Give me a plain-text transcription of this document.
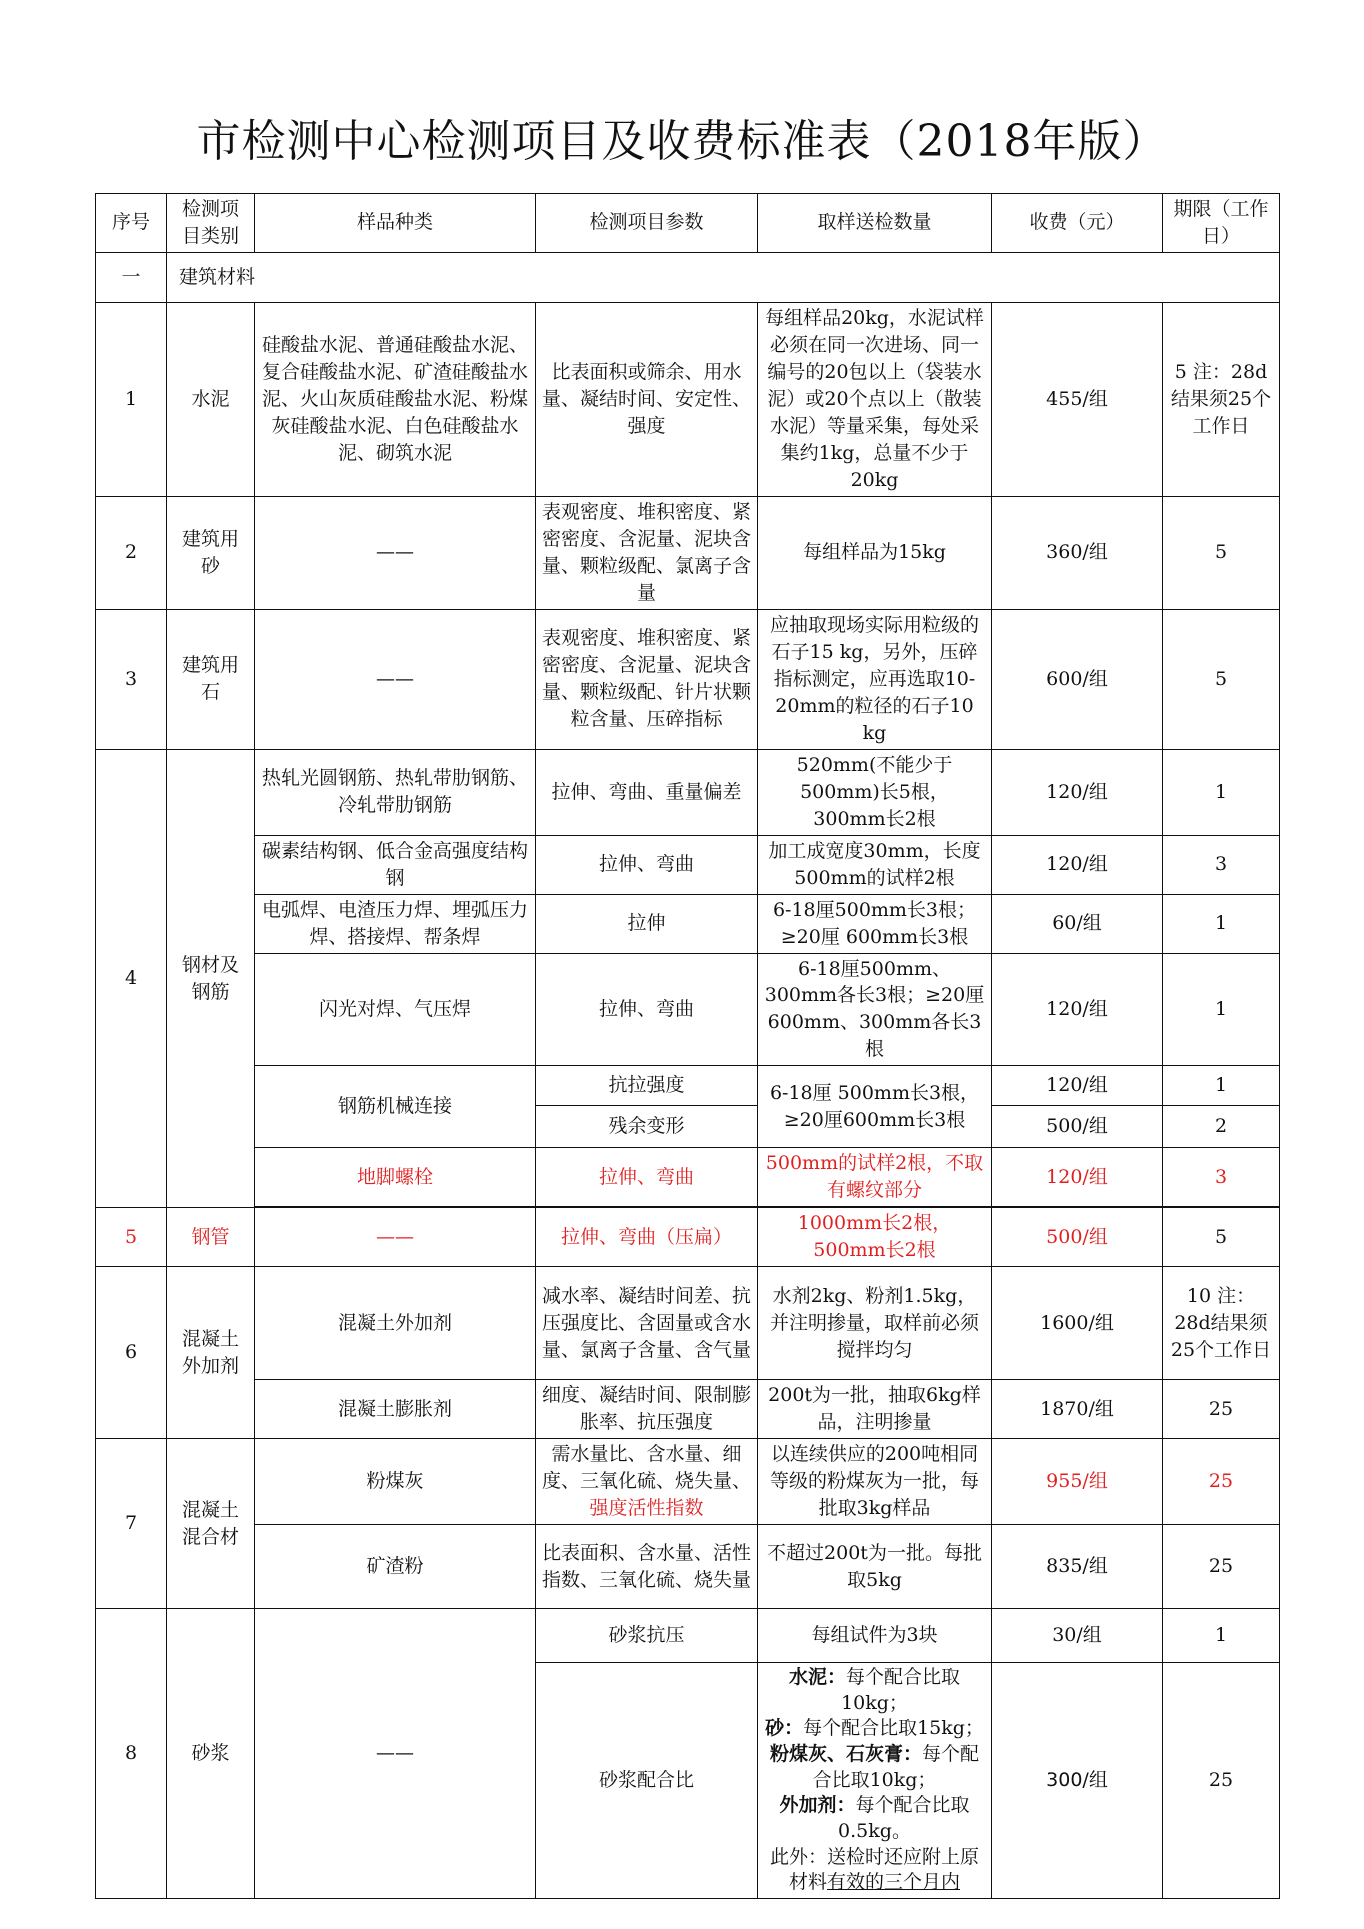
市检测中心检测项目及收费标准表（2018年版）
序号	检测项目类别	样品种类	检测项目参数	取样送检数量	收费（元）	期限（工作日）
一	建筑材料					
1	水泥	硅酸盐水泥、普通硅酸盐水泥、复合硅酸盐水泥、矿渣硅酸盐水泥、火山灰质硅酸盐水泥、粉煤灰硅酸盐水泥、白色硅酸盐水泥、砌筑水泥	比表面积或筛余、用水量、凝结时间、安定性、强度	每组样品20kg，水泥试样必须在同一次进场、同一编号的20包以上（袋装水泥）或20个点以上（散装水泥）等量采集，每处采集约1kg，总量不少于20kg	455/组	5 注：28d结果须25个工作日
2	建筑用砂	——	表观密度、堆积密度、紧密密度、含泥量、泥块含量、颗粒级配、氯离子含量	每组样品为15kg	360/组	5
3	建筑用石	——	表观密度、堆积密度、紧密密度、含泥量、泥块含量、颗粒级配、针片状颗粒含量、压碎指标	应抽取现场实际用粒级的石子15 kg，另外，压碎指标测定，应再选取10-20mm的粒径的石子10 kg	600/组	5
4	钢材及钢筋	热轧光圆钢筋、热轧带肋钢筋、冷轧带肋钢筋	拉伸、弯曲、重量偏差	520mm(不能少于500mm)长5根，300mm长2根	120/组	1
		碳素结构钢、低合金高强度结构钢	拉伸、弯曲	加工成宽度30mm，长度500mm的试样2根	120/组	3
		电弧焊、电渣压力焊、埋弧压力焊、搭接焊、帮条焊	拉伸	6-18厘500mm长3根；≥20厘 600mm长3根	60/组	1
		闪光对焊、气压焊	拉伸、弯曲	6-18厘500mm、300mm各长3根；≥20厘 600mm、300mm各长3根	120/组	1
		钢筋机械连接	抗拉强度	6-18厘 500mm长3根，≥20厘600mm长3根	120/组	1
			残余变形		500/组	2
		地脚螺栓	拉伸、弯曲	500mm的试样2根，不取有螺纹部分	120/组	3

5	钢管	——	拉伸、弯曲（压扁）	1000mm长2根，500mm长2根	500/组	5
6	混凝土外加剂	混凝土外加剂	减水率、凝结时间差、抗压强度比、含固量或含水量、氯离子含量、含气量	水剂2kg、粉剂1.5kg，并注明掺量，取样前必须搅拌均匀	1600/组	10 注：28d结果须25个工作日
		混凝土膨胀剂	细度、凝结时间、限制膨胀率、抗压强度	200t为一批，抽取6kg样品，注明掺量	1870/组	25
7	混凝土混合材	粉煤灰	需水量比、含水量、细度、三氧化硫、烧失量、强度活性指数	以连续供应的200吨相同等级的粉煤灰为一批，每批取3kg样品	955/组	25
		矿渣粉	比表面积、含水量、活性指数、三氧化硫、烧失量	不超过200t为一批。每批取5kg	835/组	25
8	砂浆	——	砂浆抗压	每组试件为3块	30/组	1
			砂浆配合比	水泥：每个配合比取10kg；
砂：每个配合比取15kg；
粉煤灰、石灰膏：每个配合比取10kg；
外加剂：每个配合比取0.5kg。
此外：送检时还应附上原材料有效的三个月内	300/组	25
